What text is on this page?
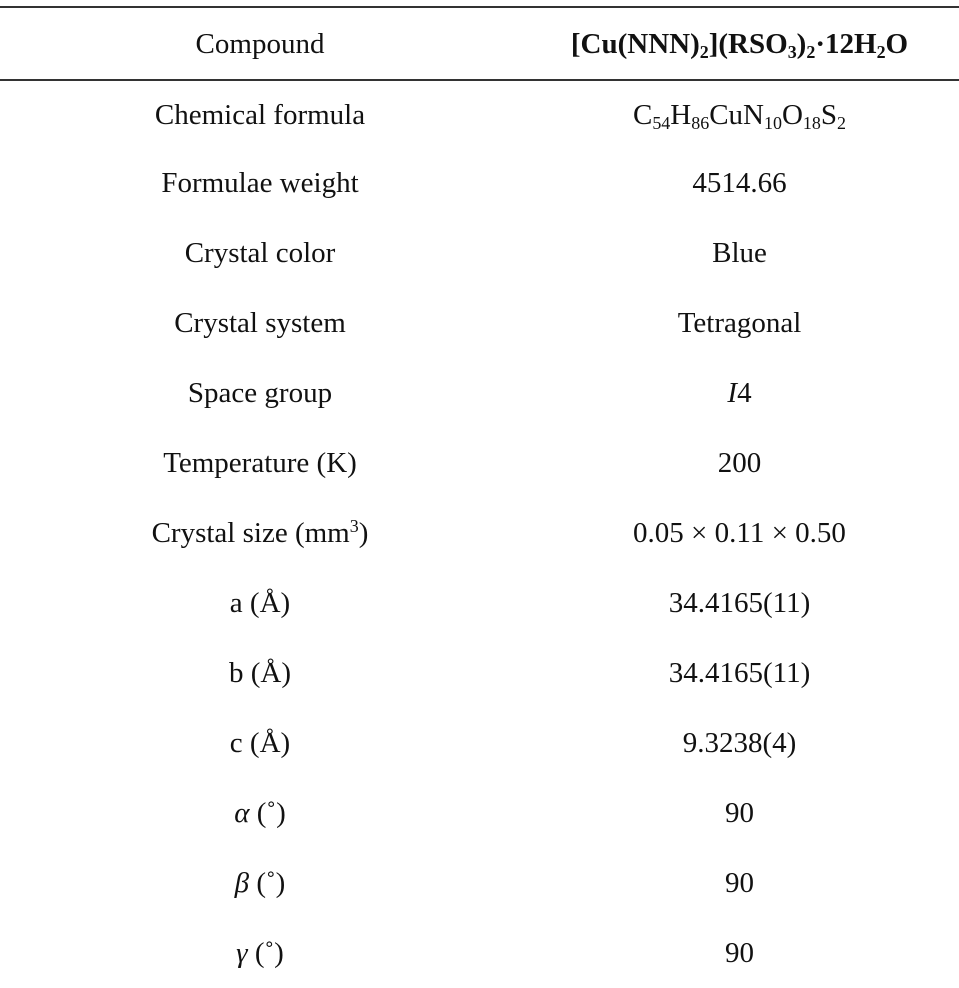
Compound	$[Cu(NNN)_2](RSO_3)_2\cdot 12H_2O$
Chemical formula	$C_{54}H_{86}CuN_{10}O_{18}S_2$
Formulae weight	4514.66
Crystal color	Blue
Crystal system	Tetragonal
Space group	I4
Temperature (K)	200
Crystal size $(mm^3)$	0.05 × 0.11 × 0.50
a (Å)	34.4165(11)
b (Å)	34.4165(11)
c (Å)	9.3238(4)
α (˚)	90
β (˚)	90
γ (˚)	90
